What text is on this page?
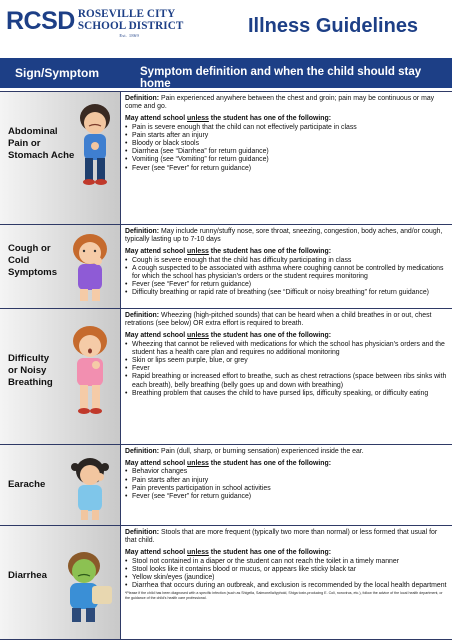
RCSD ROSEVILLE CITY
SCHOOL DISTRICT
Est. 1869	Illness Guidelines
Sign/Symptom	Symptom definition and when the child should stay home
Abdominal
Pain or
Stomach Ache

Definition: Pain experienced anywhere between the chest and groin; pain may be continuous or may come and go.

May attend school unless the student has one of the following:
• Pain is severe enough that the child can not effectively participate in class
• Pain starts after an injury
• Bloody or black stools
• Diarrhea (see “Diarrhea” for return guidance)
• Vomiting (see “Vomiting” for return guidance)
• Fever (see “Fever” for return guidance)
Cough or
Cold
Symptoms

Definition: May include runny/stuffy nose, sore throat, sneezing, congestion, body aches, and/or cough, typically lasting up to 7-10 days

May attend school unless the student has one of the following:
• Cough is severe enough that the child has difficulty participating in class
• A cough suspected to be associated with asthma where coughing cannot be controlled by medications for which the school has physician’s orders or the student requires monitoring
• Fever (see “Fever” for return guidance)
• Difficulty breathing or rapid rate of breathing (see “Difficult or noisy breathing” for return guidance)
Difficulty
or Noisy
Breathing

Definition: Wheezing (high-pitched sounds) that can be heard when a child breathes in or out, chest retrations (see below) OR extra effort is required to breath.

May attend school unless the student has one of the following:
• Wheezing that cannot be relieved with medications for which the school has physician’s orders and the student has a health care plan and requires no additional monitoring
• Skin or lips seem purple, blue, or grey
• Fever
• Rapid breathing or increased effort to breathe, such as chest retractions (space between ribs sinks with each breath), belly breathing (belly goes up and down with breathing)
• Breathing problem that causes the child to have pursed lips, difficulty speaking, or difficulty eating
Earache

Definition: Pain (dull, sharp, or burning sensation) experienced inside the ear.

May attend school unless the student has one of the following:
• Behavior changes
• Pain starts after an injury
• Pain prevents participation in school activities
• Fever (see “Fever” for return guidance)
Diarrhea

Definition: Stools that are more frequent (typically two more than normal) or less formed that usual for that child.

May attend school unless the student has one of the following:
• Stool not contained in a diaper or the student can not reach the toilet in a timely manner
• Stool looks like it contains blood or mucus, or appears like sticky black tar
• Yellow skin/eyes (jaundice)
• Diarrhea that occurs during an outbreak, and exclusion is recommended by the local health department

*Please if the child has been diagnosed with a specific infection (such as Shigella, Salmonella/typhoid, Shiga toxin-producing E. Coli, norovirus, etc.), follow the advice of the local health department, or the guidance of the child's health care professional.
